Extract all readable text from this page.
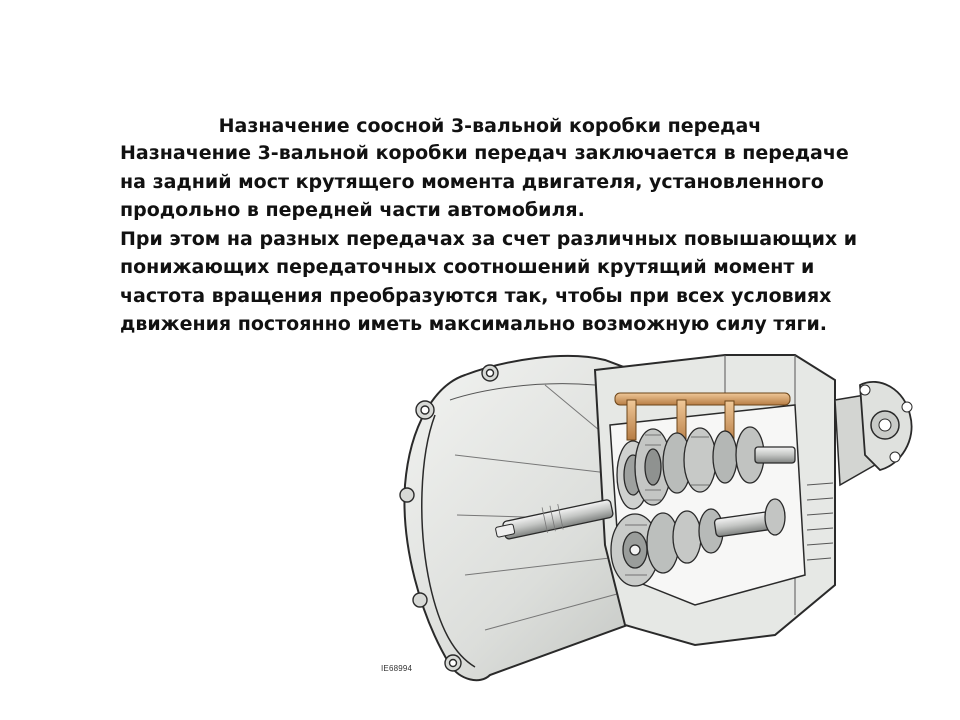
Назначение соосной 3-вальной коробки передач

Назначение 3-вальной коробки передач заключается в передаче на задний мост крутящего момента двигателя, установленного продольно в передней части автомобиля.

При этом на разных передачах за счет различных повышающих и понижающих передаточных соотношений крутящий момент и частота вращения преобразуются так, чтобы при всех условиях движения постоянно иметь максимально возможную силу тяги.

IE68994
